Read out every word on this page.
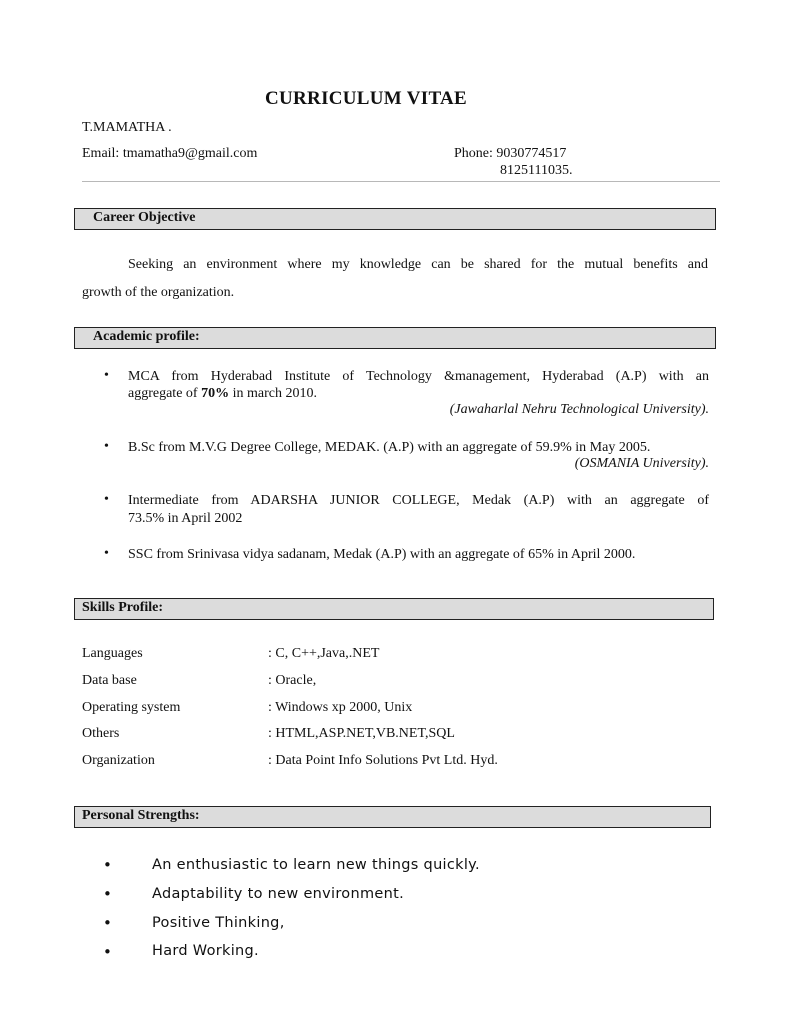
CURRICULUM VITAE
T.MAMATHA .
Email: tmamatha9@gmail.com	Phone: 9030774517
8125111035.
Career Objective
Seeking an environment where my knowledge can be shared for the mutual benefits and
growth of the organization.
Academic profile:
• MCA from Hyderabad Institute of Technology &management, Hyderabad (A.P) with an
aggregate of 70% in march 2010.
(Jawaharlal Nehru Technological University).
• B.Sc from M.V.G Degree College, MEDAK. (A.P) with an aggregate of 59.9% in May 2005.
(OSMANIA University).
• Intermediate from ADARSHA JUNIOR COLLEGE, Medak (A.P) with an aggregate of
73.5% in April 2002
• SSC from Srinivasa vidya sadanam, Medak (A.P) with an aggregate of 65% in April 2000.
Skills Profile:
Languages	: C, C++,Java,.NET
Data base	: Oracle,
Operating system	: Windows xp 2000, Unix
Others	: HTML,ASP.NET,VB.NET,SQL
Organization	: Data Point Info Solutions Pvt Ltd. Hyd.
Personal Strengths:
•	An enthusiastic to learn new things quickly.
•	Adaptability to new environment.
•	Positive Thinking,
•	Hard Working.
